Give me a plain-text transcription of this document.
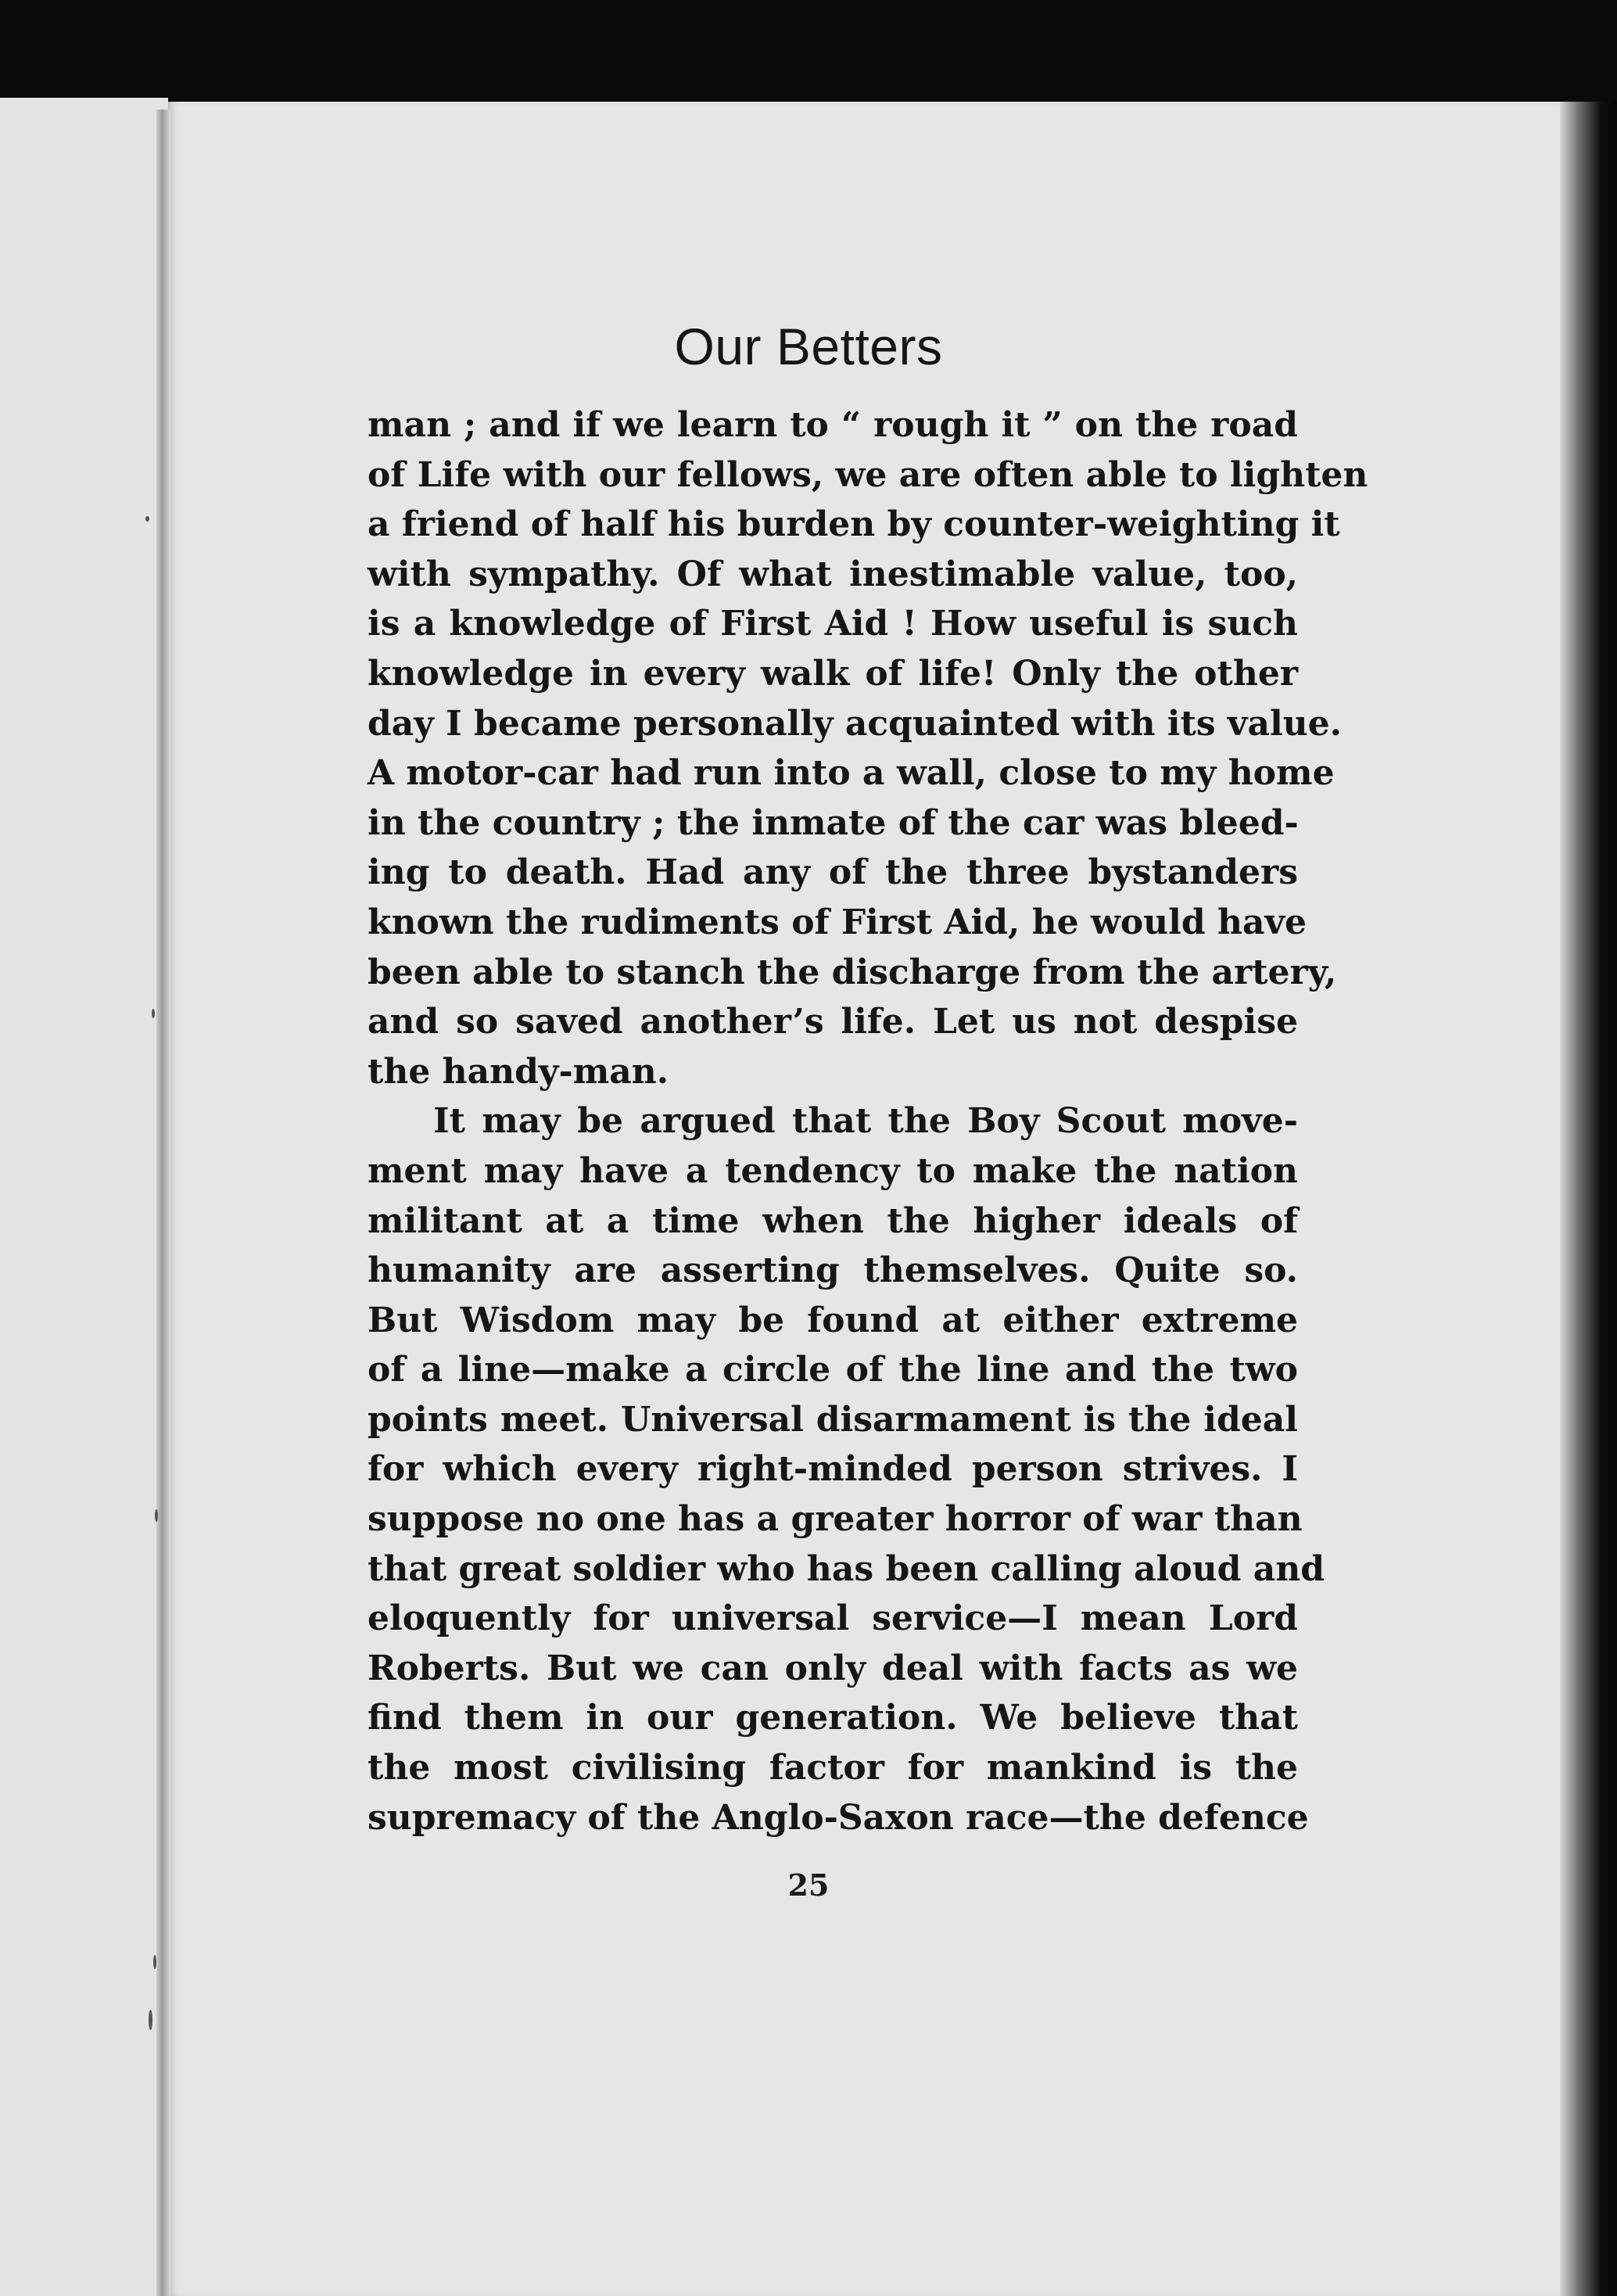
Our Betters
man ; and if we learn to “ rough it ” on the road
of Life with our fellows, we are often able to lighten
a friend of half his burden by counter-weighting it
with sympathy. Of what inestimable value, too,
is a knowledge of First Aid ! How useful is such
knowledge in every walk of life! Only the other
day I became personally acquainted with its value.
A motor-car had run into a wall, close to my home
in the country ; the inmate of the car was bleed-
ing to death. Had any of the three bystanders
known the rudiments of First Aid, he would have
been able to stanch the discharge from the artery,
and so saved another’s life. Let us not despise
the handy-man.
It may be argued that the Boy Scout move-
ment may have a tendency to make the nation
militant at a time when the higher ideals of
humanity are asserting themselves. Quite so.
But Wisdom may be found at either extreme
of a line—make a circle of the line and the two
points meet. Universal disarmament is the ideal
for which every right-minded person strives. I
suppose no one has a greater horror of war than
that great soldier who has been calling aloud and
eloquently for universal service—I mean Lord
Roberts. But we can only deal with facts as we
find them in our generation. We believe that
the most civilising factor for mankind is the
supremacy of the Anglo-Saxon race—the defence
25
